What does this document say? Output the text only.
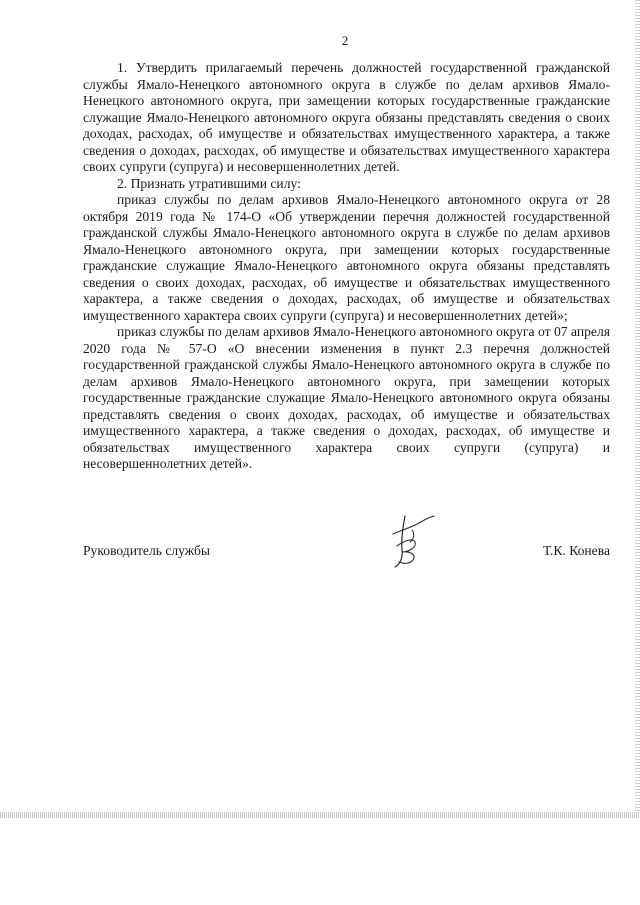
2

1. Утвердить прилагаемый перечень должностей государственной гражданской службы Ямало-Ненецкого автономного округа в службе по делам архивов Ямало-Ненецкого автономного округа, при замещении которых государственные гражданские служащие Ямало-Ненецкого автономного округа обязаны представлять сведения о своих доходах, расходах, об имуществе и обязательствах имущественного характера, а также сведения о доходах, расходах, об имуществе и обязательствах имущественного характера своих супруги (супруга) и несовершеннолетних детей.

2. Признать утратившими силу:

приказ службы по делам архивов Ямало-Ненецкого автономного округа от 28 октября 2019 года № 174-О «Об утверждении перечня должностей государственной гражданской службы Ямало-Ненецкого автономного округа в службе по делам архивов Ямало-Ненецкого автономного округа, при замещении которых государственные гражданские служащие Ямало-Ненецкого автономного округа обязаны представлять сведения о своих доходах, расходах, об имуществе и обязательствах имущественного характера, а также сведения о доходах, расходах, об имуществе и обязательствах имущественного характера своих супруги (супруга) и несовершеннолетних детей»;

приказ службы по делам архивов Ямало-Ненецкого автономного округа от 07 апреля 2020 года № 57-О «О внесении изменения в пункт 2.3 перечня должностей государственной гражданской службы Ямало-Ненецкого автономного округа в службе по делам архивов Ямало-Ненецкого автономного округа, при замещении которых государственные гражданские служащие Ямало-Ненецкого автономного округа обязаны представлять сведения о своих доходах, расходах, об имуществе и обязательствах имущественного характера, а также сведения о доходах, расходах, об имуществе и обязательствах имущественного характера своих супруги (супруга) и несовершеннолетних детей».

Руководитель службы	Т.К. Конева
